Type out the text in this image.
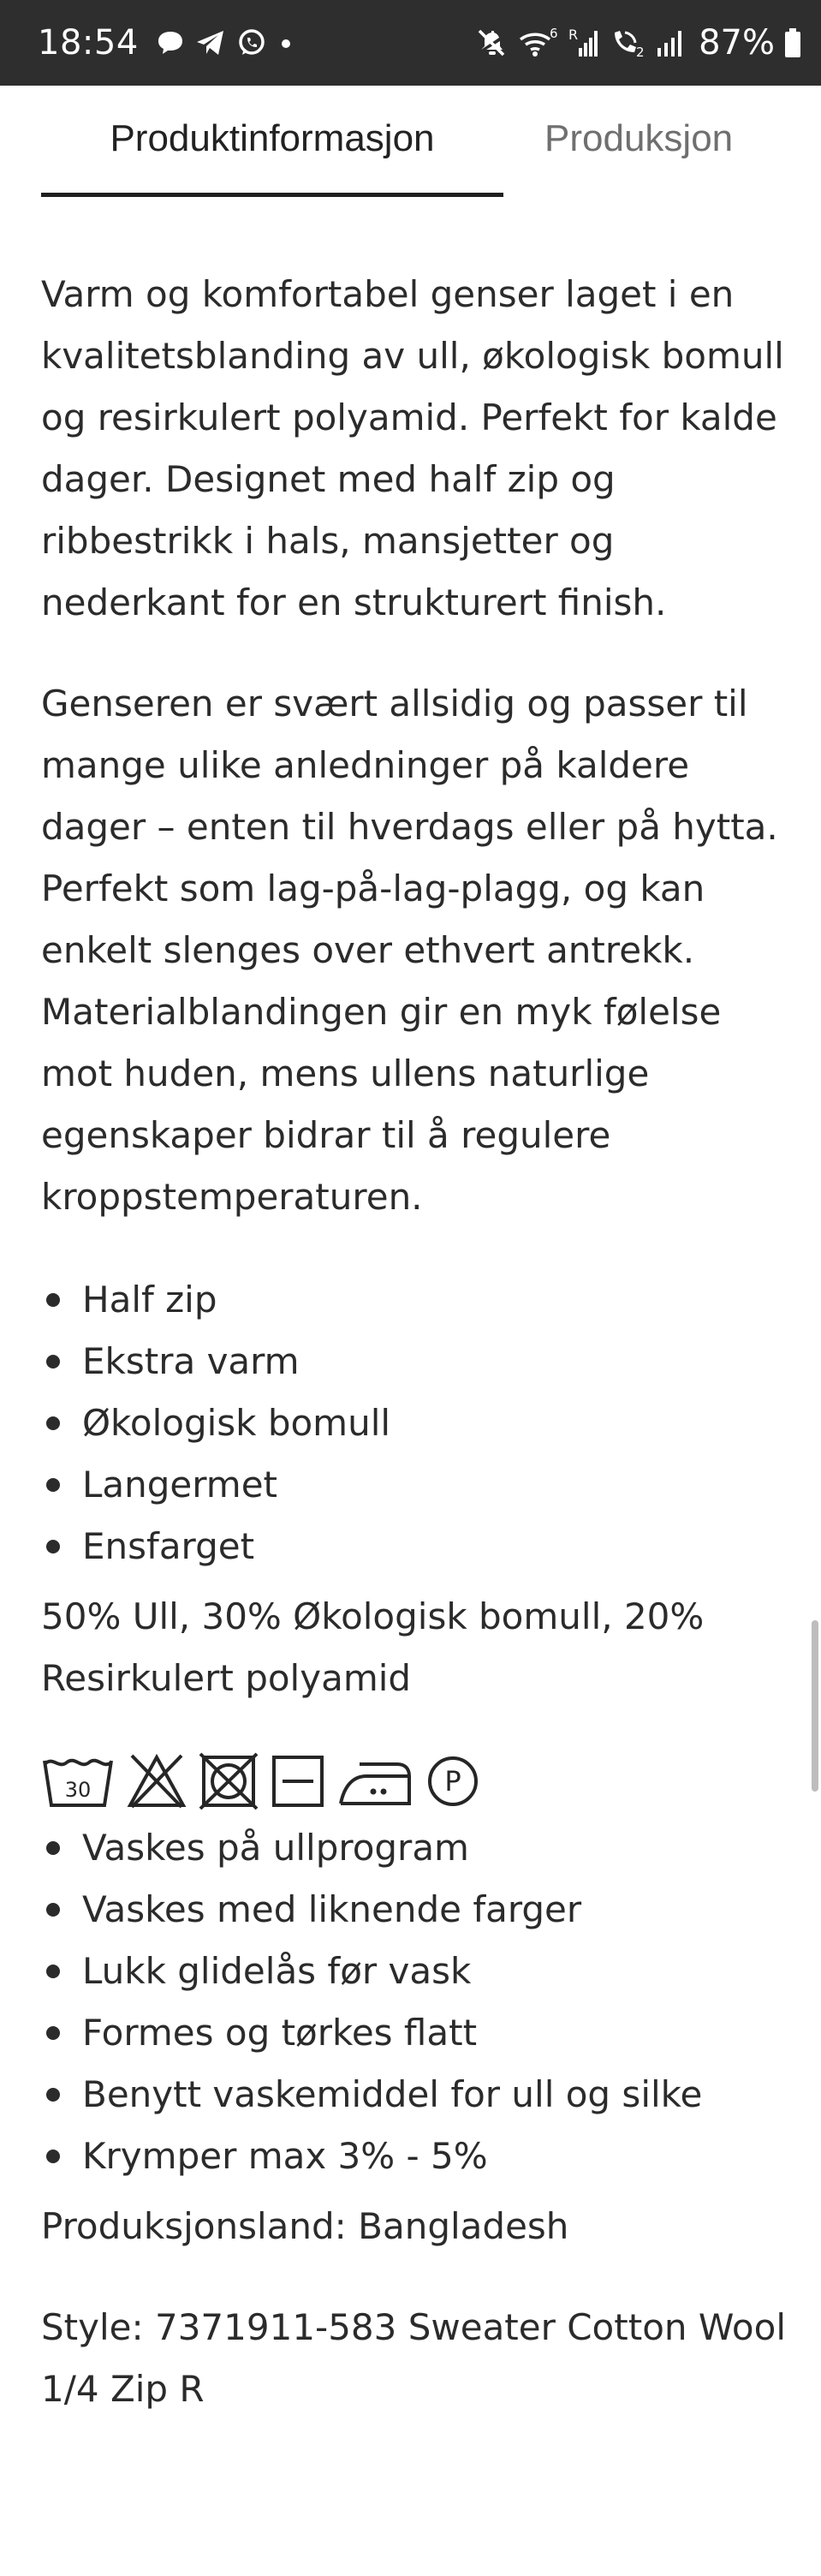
18:54	6 R
2 87%
Produktinformasjon	Produksjon

Varm og komfortabel genser laget i en kvalitetsblanding av ull, økologisk bomull og resirkulert polyamid. Perfekt for kalde dager. Designet med half zip og ribbestrikk i hals, mansjetter og nederkant for en strukturert finish.

Genseren er svært allsidig og passer til mange ulike anledninger på kaldere dager – enten til hverdags eller på hytta. Perfekt som lag-på-lag-plagg, og kan enkelt slenges over ethvert antrekk. Materialblandingen gir en myk følelse mot huden, mens ullens naturlige egenskaper bidrar til å regulere kroppstemperaturen.

Half zip
Ekstra varm
Økologisk bomull
Langermet
Ensfarget

50% Ull, 30% Økologisk bomull, 20% Resirkulert polyamid

30	P
Vaskes på ullprogram
Vaskes med liknende farger
Lukk glidelås før vask
Formes og tørkes flatt
Benytt vaskemiddel for ull og silke
Krymper max 3% - 5%

Produksjonsland: Bangladesh

Style: 7371911-583 Sweater Cotton Wool 1/4 Zip R
